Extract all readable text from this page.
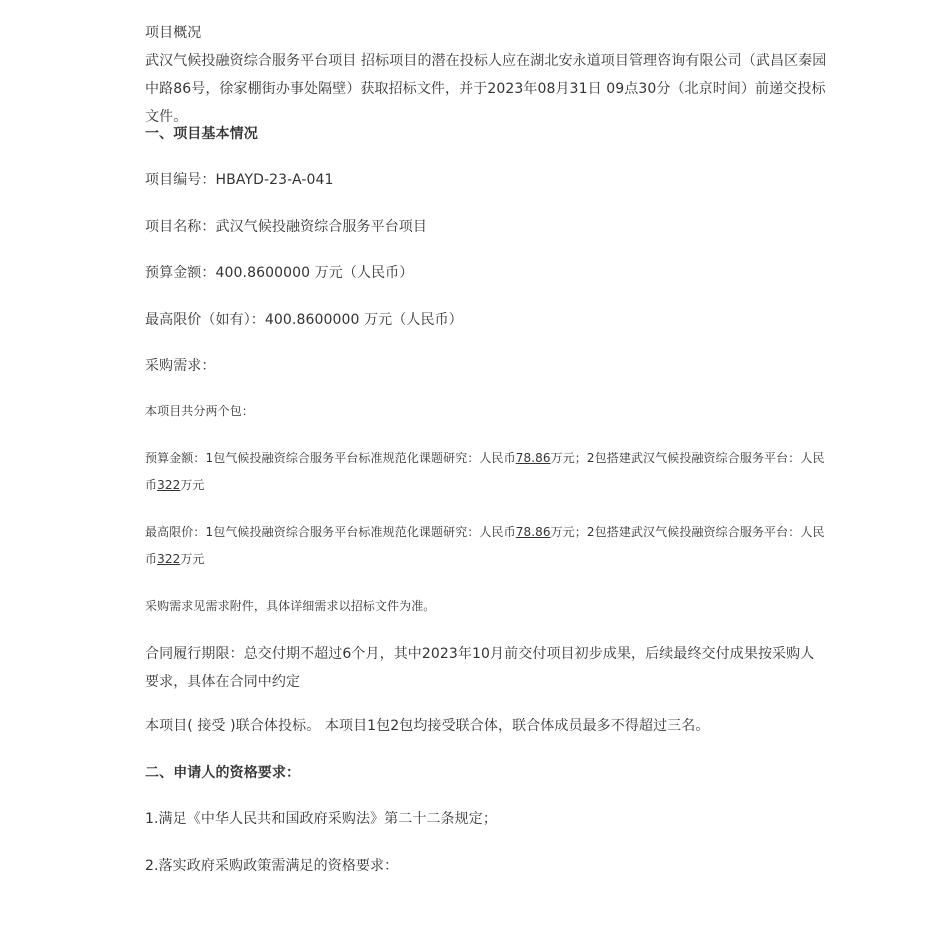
项目概况

武汉气候投融资综合服务平台项目 招标项目的潜在投标人应在湖北安永道项目管理咨询有限公司（武昌区秦园中路86号，徐家棚街办事处隔壁）获取招标文件，并于2023年08月31日 09点30分（北京时间）前递交投标文件。

一、项目基本情况

项目编号：HBAYD-23-A-041

项目名称：武汉气候投融资综合服务平台项目

预算金额：400.8600000 万元（人民币）

最高限价（如有）：400.8600000 万元（人民币）

采购需求：

本项目共分两个包：

预算金额：1包气候投融资综合服务平台标准规范化课题研究：人民币78.86万元；2包搭建武汉气候投融资综合服务平台：人民币322万元

最高限价：1包气候投融资综合服务平台标准规范化课题研究：人民币78.86万元；2包搭建武汉气候投融资综合服务平台：人民币322万元

采购需求见需求附件，具体详细需求以招标文件为准。

合同履行期限：总交付期不超过6个月，其中2023年10月前交付项目初步成果，后续最终交付成果按采购人要求，具体在合同中约定

本项目( 接受 )联合体投标。 本项目1包2包均接受联合体，联合体成员最多不得超过三名。

二、申请人的资格要求：

1.满足《中华人民共和国政府采购法》第二十二条规定；

2.落实政府采购政策需满足的资格要求：
